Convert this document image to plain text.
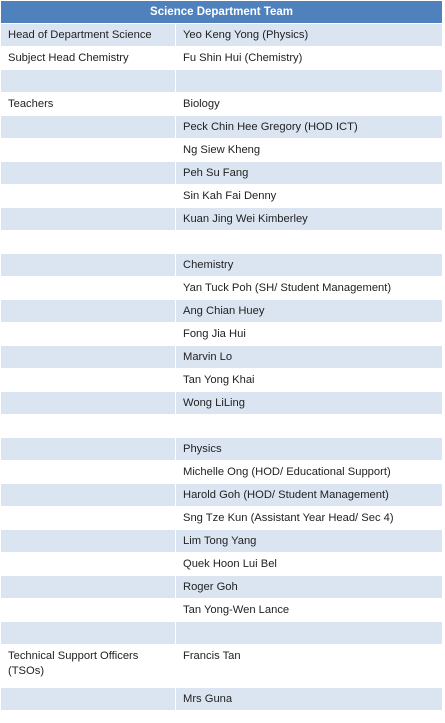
Science Department Team	
Head of Department Science	Yeo Keng Yong (Physics)
Subject Head Chemistry	Fu Shin Hui (Chemistry)

Teachers	Biology
	Peck Chin Hee Gregory (HOD ICT)
	Ng Siew Kheng
	Peh Su Fang
	Sin Kah Fai Denny
	Kuan Jing Wei Kimberley

	Chemistry
	Yan Tuck Poh (SH/ Student Management)
	Ang Chian Huey
	Fong Jia Hui
	Marvin Lo
	Tan Yong Khai
	Wong LiLing

	Physics
	Michelle Ong (HOD/ Educational Support)
	Harold Goh (HOD/ Student Management)
	Sng Tze Kun (Assistant Year Head/ Sec 4)
	Lim Tong Yang
	Quek Hoon Lui Bel
	Roger Goh
	Tan Yong-Wen Lance

Technical Support Officers (TSOs)	Francis Tan
	Mrs Guna
